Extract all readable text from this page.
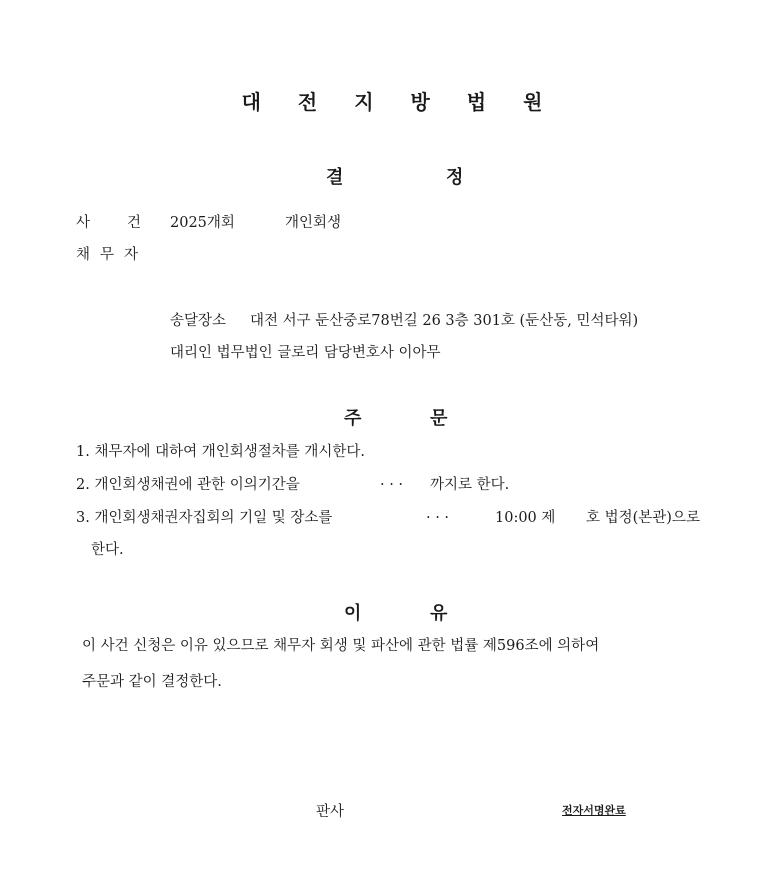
대 전 지 방 법 원
결	정
사	건 2025개회	개인회생
채 무 자
송달장소 대전 서구 둔산중로78번길 26 3층 301호 (둔산동, 민석타워)
대리인 법무법인 글로리 담당변호사 이아무
주	문
1. 채무자에 대하여 개인회생절차를 개시한다.
2. 개인회생채권에 관한 이의기간을	. . . 까지로 한다.
3. 개인회생채권자집회의 기일 및 장소를	. . .	10:00 제 호 법정(본관)으로
한다.
이	유
이 사건 신청은 이유 있으므로 채무자 회생 및 파산에 관한 법률 제596조에 의하여
주문과 같이 결정한다.
판사	전자서명완료
